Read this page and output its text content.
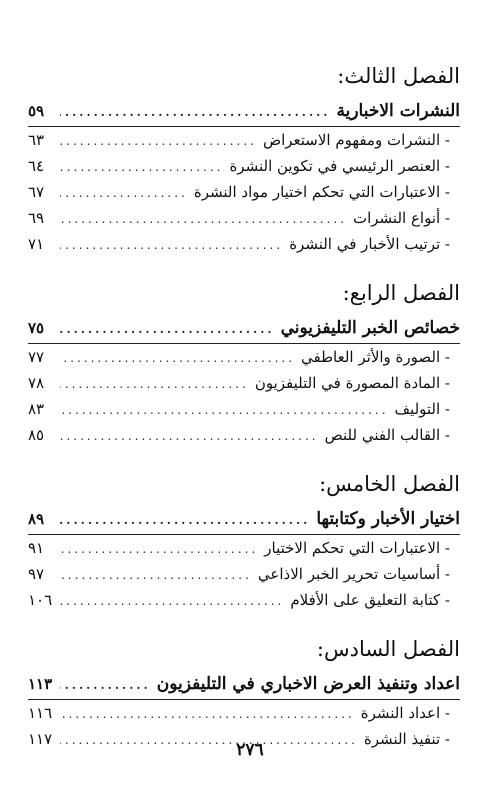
الفصل الثالث:
النشرات الاخبارية
.....
٥٩
- النشرات ومفهوم الاستعراض
.....
٦٣
- العنصر الرئيسي في تكوين النشرة
.....
٦٤
- الاعتبارات التي تحكم اختيار مواد النشرة
.....
٦٧
- أنواع النشرات
.....
٦٩
- ترتيب الأخبار في النشرة
.....
٧١
الفصل الرابع:
خصائص الخبر التليفزيوني
.....
٧٥
- الصورة والأثر العاطفي
.....
٧٧
- المادة المصورة في التليفزيون
.....
٧٨
- التوليف
.....
٨٣
- القالب الفني للنص
.....
٨٥
الفصل الخامس:
اختيار الأخبار وكتابتها
.....
٨٩
- الاعتبارات التي تحكم الاختيار
.....
٩١
- أساسيات تحرير الخبر الاذاعي
.....
٩٧
- كتابة التعليق على الأفلام
.....
١٠٦
الفصل السادس:
اعداد وتنفيذ العرض الاخباري في التليفزيون
.....
١١٣
- اعداد النشرة
.....
١١٦
- تنفيذ النشرة
.....
١١٧
٢٧٦
